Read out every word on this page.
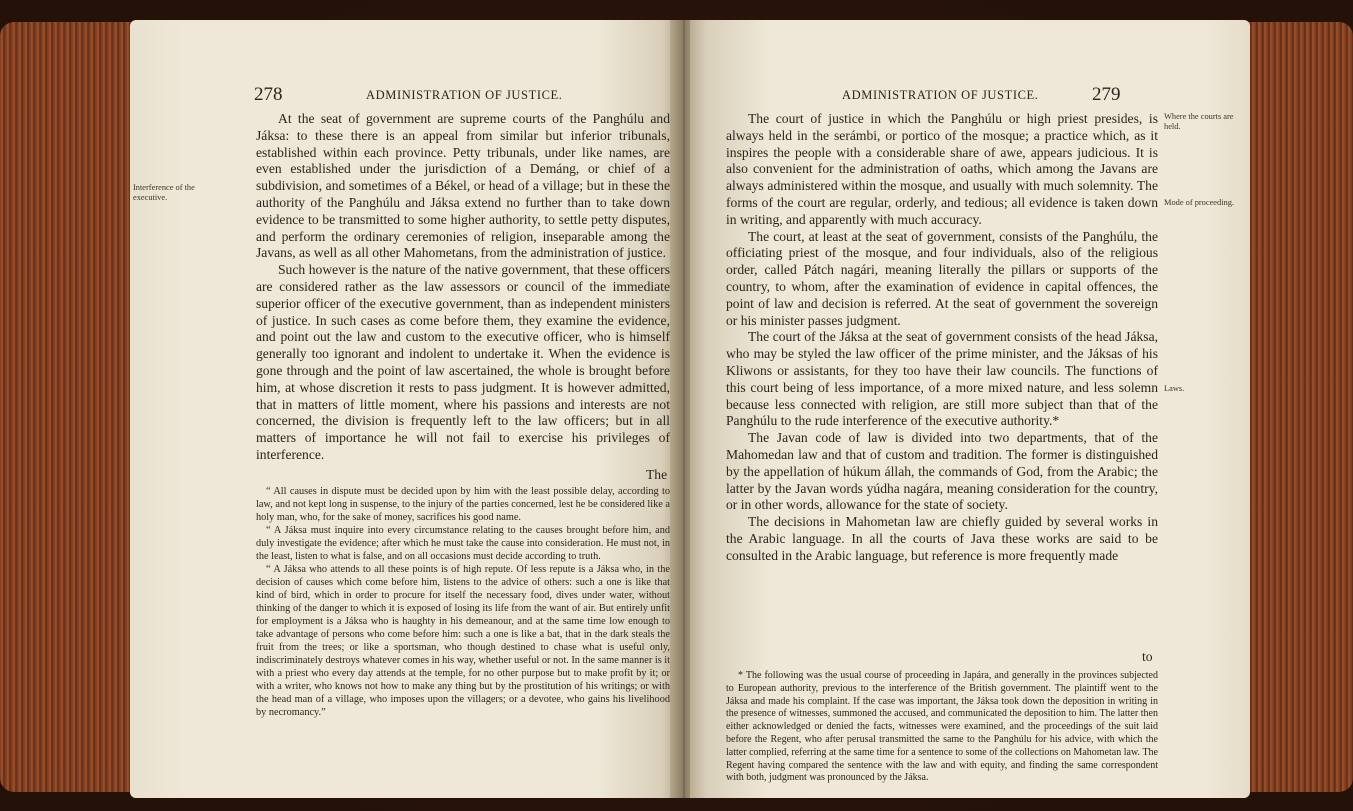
278	ADMINISTRATION OF JUSTICE.

At the seat of government are supreme courts of the Panghúlu and Jáksa: to these there is an appeal from similar but inferior tribunals, established within each province. Petty tribunals, under like names, are even established under the jurisdiction of a Demáng, or chief of a subdivision, and sometimes of a Békel, or head of a village; but in these the authority of the Panghúlu and Jáksa extend no further than to take down evidence to be transmitted to some higher authority, to settle petty disputes, and perform the ordinary ceremonies of religion, inseparable among the Javans, as well as all other Mahometans, from the administration of justice.

Such however is the nature of the native government, that these officers are considered rather as the law assessors or council of the immediate superior officer of the executive government, than as independent ministers of justice. In such cases as come before them, they examine the evidence, and point out the law and custom to the executive officer, who is himself generally too ignorant and indolent to undertake it. When the evidence is gone through and the point of law ascertained, the whole is brought before him, at whose discretion it rests to pass judgment. It is however admitted, that in matters of little moment, where his passions and interests are not concerned, the division is frequently left to the law officers; but in all matters of importance he will not fail to exercise his privileges of interference.

The
Interference of the executive.

“ All causes in dispute must be decided upon by him with the least possible delay, according to law, and not kept long in suspense, to the injury of the parties concerned, lest he be considered like a holy man, who, for the sake of money, sacrifices his good name.

“ A Jáksa must inquire into every circumstance relating to the causes brought before him, and duly investigate the evidence; after which he must take the cause into consideration. He must not, in the least, listen to what is false, and on all occasions must decide according to truth.

“ A Jáksa who attends to all these points is of high repute. Of less repute is a Jáksa who, in the decision of causes which come before him, listens to the advice of others: such a one is like that kind of bird, which in order to procure for itself the necessary food, dives under water, without thinking of the danger to which it is exposed of losing its life from the want of air. But entirely unfit for employment is a Jáksa who is haughty in his demeanour, and at the same time low enough to take advantage of persons who come before him: such a one is like a bat, that in the dark steals the fruit from the trees; or like a sportsman, who though destined to chase what is useful only, indiscriminately destroys whatever comes in his way, whether useful or not. In the same manner is it with a priest who every day attends at the temple, for no other purpose but to make profit by it; or with a writer, who knows not how to make any thing but by the prostitution of his writings; or with the head man of a village, who imposes upon the villagers; or a devotee, who gains his livelihood by necromancy.”

ADMINISTRATION OF JUSTICE.	279

The court of justice in which the Panghúlu or high priest presides, is always held in the serámbi, or portico of the mosque; a practice which, as it inspires the people with a considerable share of awe, appears judicious. It is also convenient for the administration of oaths, which among the Javans are always administered within the mosque, and usually with much solemnity. The forms of the court are regular, orderly, and tedious; all evidence is taken down in writing, and apparently with much accuracy.

The court, at least at the seat of government, consists of the Panghúlu, the officiating priest of the mosque, and four individuals, also of the religious order, called Pátch nagári, meaning literally the pillars or supports of the country, to whom, after the examination of evidence in capital offences, the point of law and decision is referred. At the seat of government the sovereign or his minister passes judgment.

The court of the Jáksa at the seat of government consists of the head Jáksa, who may be styled the law officer of the prime minister, and the Jáksas of his Kliwons or assistants, for they too have their law councils. The functions of this court being of less importance, of a more mixed nature, and less solemn because less connected with religion, are still more subject than that of the Panghúlu to the rude interference of the executive authority.*

The Javan code of law is divided into two departments, that of the Mahomedan law and that of custom and tradition. The former is distinguished by the appellation of húkum állah, the commands of God, from the Arabic; the latter by the Javan words yúdha nagára, meaning consideration for the country, or in other words, allowance for the state of society.

The decisions in Mahometan law are chiefly guided by several works in the Arabic language. In all the courts of Java these works are said to be consulted in the Arabic language, but reference is more frequently made

to
Where the courts are held.
Mode of proceeding.
Laws.

* The following was the usual course of proceeding in Japára, and generally in the provinces subjected to European authority, previous to the interference of the British government. The plaintiff went to the Jáksa and made his complaint. If the case was important, the Jáksa took down the deposition in writing in the presence of witnesses, summoned the accused, and communicated the deposition to him. The latter then either acknowledged or denied the facts, witnesses were examined, and the proceedings of the suit laid before the Regent, who after perusal transmitted the same to the Panghúlu for his advice, with which the latter complied, referring at the same time for a sentence to some of the collections on Mahometan law. The Regent having compared the sentence with the law and with equity, and finding the same correspondent with both, judgment was pronounced by the Jáksa.
